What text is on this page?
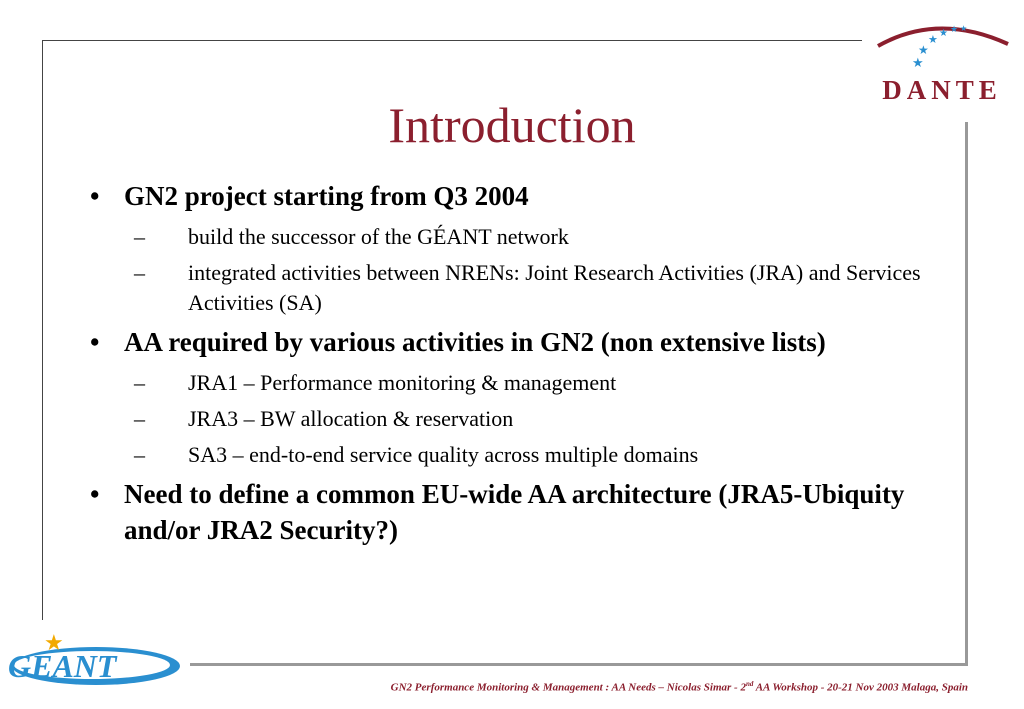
★
★
★
★ ★ ★
DANTE
Introduction
• GN2 project starting from Q3 2004
– build the successor of the GÉANT network
– integrated activities between NRENs: Joint Research Activities (JRA) and Services Activities (SA)
• AA required by various activities in GN2 (non extensive lists)
– JRA1 – Performance monitoring & management
– JRA3 – BW allocation & reservation
– SA3 – end-to-end service quality across multiple domains
• Need to define a common EU-wide AA architecture (JRA5-Ubiquity and/or JRA2 Security?)
★
GEANT
GN2 Performance Monitoring & Management : AA Needs – Nicolas Simar - 2nd AA Workshop - 20-21 Nov 2003 Malaga, Spain
